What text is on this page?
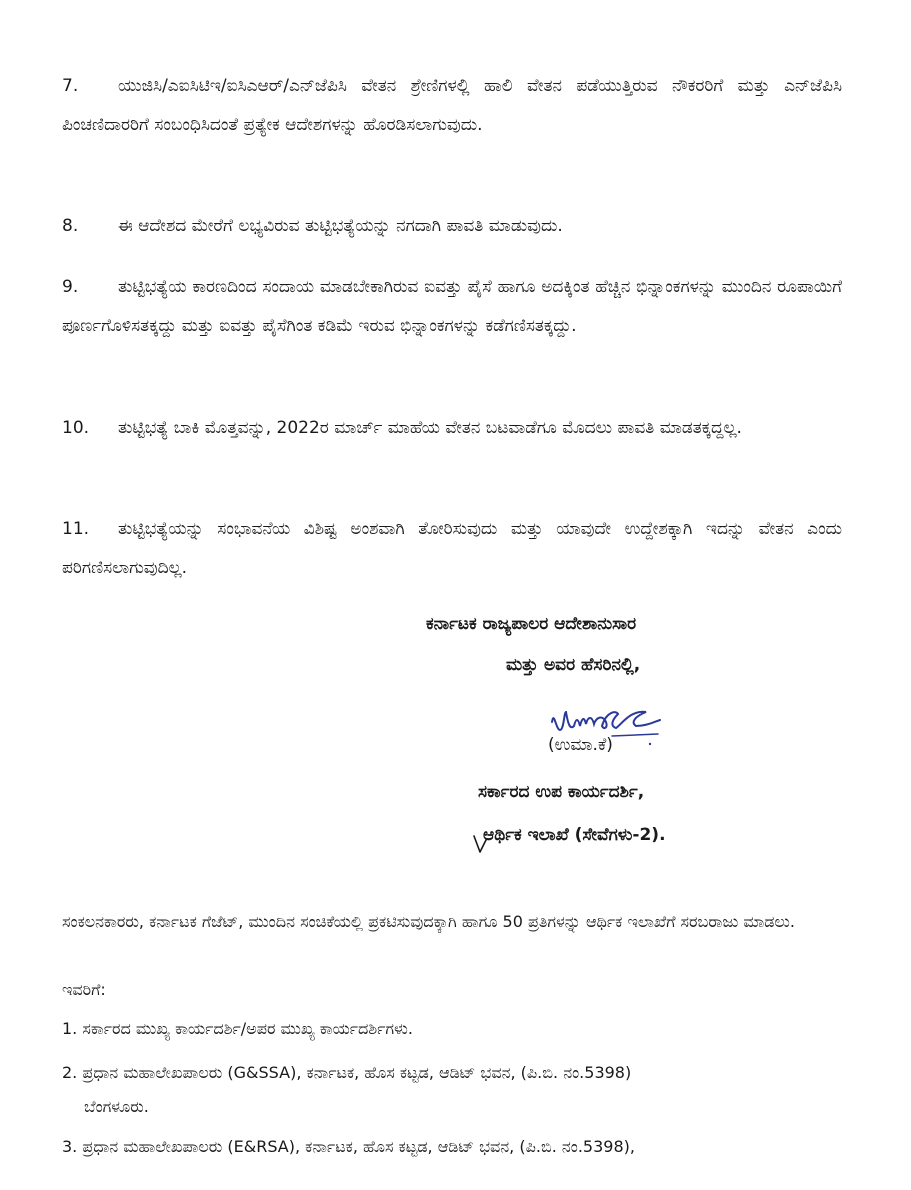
7. ಯುಜಿಸಿ/ಎಐಸಿಟಿಇ/ಐಸಿಎಆರ್/ಎನ್‌ಜೆಪಿಸಿ ವೇತನ ಶ್ರೇಣಿಗಳಲ್ಲಿ ಹಾಲಿ ವೇತನ ಪಡೆಯುತ್ತಿರುವ ನೌಕರರಿಗೆ ಮತ್ತು ಎನ್‌ಜೆಪಿಸಿ ಪಿಂಚಣಿದಾರರಿಗೆ ಸಂಬಂಧಿಸಿದಂತೆ ಪ್ರತ್ಯೇಕ ಆದೇಶಗಳನ್ನು ಹೊರಡಿಸಲಾಗುವುದು.
8. ಈ ಆದೇಶದ ಮೇರೆಗೆ ಲಭ್ಯವಿರುವ ತುಟ್ಟಿಭತ್ಯೆಯನ್ನು ನಗದಾಗಿ ಪಾವತಿ ಮಾಡುವುದು.
9. ತುಟ್ಟಿಭತ್ಯೆಯ ಕಾರಣದಿಂದ ಸಂದಾಯ ಮಾಡಬೇಕಾಗಿರುವ ಐವತ್ತು ಪೈಸೆ ಹಾಗೂ ಅದಕ್ಕಿಂತ ಹೆಚ್ಚಿನ ಭಿನ್ನಾಂಕಗಳನ್ನು ಮುಂದಿನ ರೂಪಾಯಿಗೆ ಪೂರ್ಣಗೊಳಿಸತಕ್ಕದ್ದು ಮತ್ತು ಐವತ್ತು ಪೈಸೆಗಿಂತ ಕಡಿಮೆ ಇರುವ ಭಿನ್ನಾಂಕಗಳನ್ನು ಕಡೆಗಣಿಸತಕ್ಕದ್ದು.
10. ತುಟ್ಟಿಭತ್ಯೆ ಬಾಕಿ ಮೊತ್ತವನ್ನು, 2022ರ ಮಾರ್ಚ್ ಮಾಹೆಯ ವೇತನ ಬಟವಾಡೆಗೂ ಮೊದಲು ಪಾವತಿ ಮಾಡತಕ್ಕದ್ದಲ್ಲ.
11. ತುಟ್ಟಿಭತ್ಯೆಯನ್ನು ಸಂಭಾವನೆಯ ವಿಶಿಷ್ಟ ಅಂಶವಾಗಿ ತೋರಿಸುವುದು ಮತ್ತು ಯಾವುದೇ ಉದ್ದೇಶಕ್ಕಾಗಿ ಇದನ್ನು ವೇತನ ಎಂದು ಪರಿಗಣಿಸಲಾಗುವುದಿಲ್ಲ.
ಕರ್ನಾಟಕ ರಾಜ್ಯಪಾಲರ ಆದೇಶಾನುಸಾರ
ಮತ್ತು ಅವರ ಹೆಸರಿನಲ್ಲಿ,
(ಉಮಾ.ಕೆ)
ಸರ್ಕಾರದ ಉಪ ಕಾರ್ಯದರ್ಶಿ,
ಆರ್ಥಿಕ ಇಲಾಖೆ (ಸೇವೆಗಳು-2).
ಸಂಕಲನಕಾರರು, ಕರ್ನಾಟಕ ಗೆಜೆಟ್, ಮುಂದಿನ ಸಂಚಿಕೆಯಲ್ಲಿ ಪ್ರಕಟಿಸುವುದಕ್ಕಾಗಿ ಹಾಗೂ 50 ಪ್ರತಿಗಳನ್ನು ಆರ್ಥಿಕ ಇಲಾಖೆಗೆ ಸರಬರಾಜು ಮಾಡಲು.
ಇವರಿಗೆ:
1. ಸರ್ಕಾರದ ಮುಖ್ಯ ಕಾರ್ಯದರ್ಶಿ/ಅಪರ ಮುಖ್ಯ ಕಾರ್ಯದರ್ಶಿಗಳು.
2. ಪ್ರಧಾನ ಮಹಾಲೇಖಪಾಲರು (G&SSA), ಕರ್ನಾಟಕ, ಹೊಸ ಕಟ್ಟಡ, ಆಡಿಟ್ ಭವನ, (ಪಿ.ಬಿ. ನಂ.5398)
ಬೆಂಗಳೂರು.
3. ಪ್ರಧಾನ ಮಹಾಲೇಖಪಾಲರು (E&RSA), ಕರ್ನಾಟಕ, ಹೊಸ ಕಟ್ಟಡ, ಆಡಿಟ್ ಭವನ, (ಪಿ.ಬಿ. ನಂ.5398),
